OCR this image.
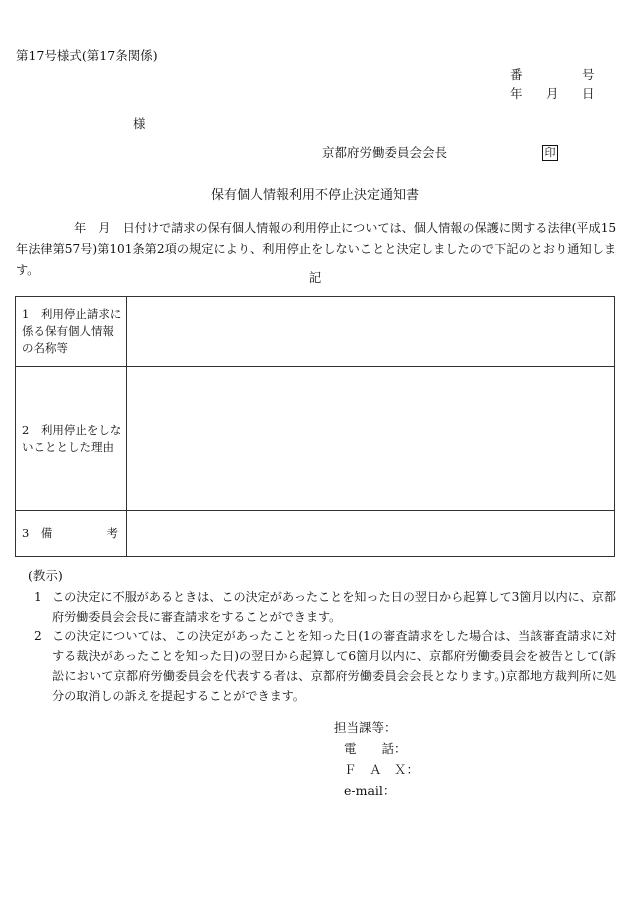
第17号様式(第17条関係)
番	号
年 月 日
様
京都府労働委員会会長	印
保有個人情報利用不停止決定通知書
年　月　日付けで請求の保有個人情報の利用停止については、個人情報の保護に関する法律(平成15年法律第57号)第101条第2項の規定により、利用停止をしないことと決定しましたので下記のとおり通知します。	記
1　利用停止請求に係る保有個人情報の名称等	

2　利用停止をしないこととした理由	

3　備 考	

(教示)
1 この決定に不服があるときは、この決定があったことを知った日の翌日から起算して3箇月以内に、京都府労働委員会会長に審査請求をすることができます。
2 この決定については、この決定があったことを知った日(1の審査請求をした場合は、当該審査請求に対する裁決があったことを知った日)の翌日から起算して6箇月以内に、京都府労働委員会を被告として(訴訟において京都府労働委員会を代表する者は、京都府労働委員会会長となります。)京都地方裁判所に処分の取消しの訴えを提起することができます。
担当課等：
電　　話：
Ｆ　Ａ　Ｘ：
e-mail：
